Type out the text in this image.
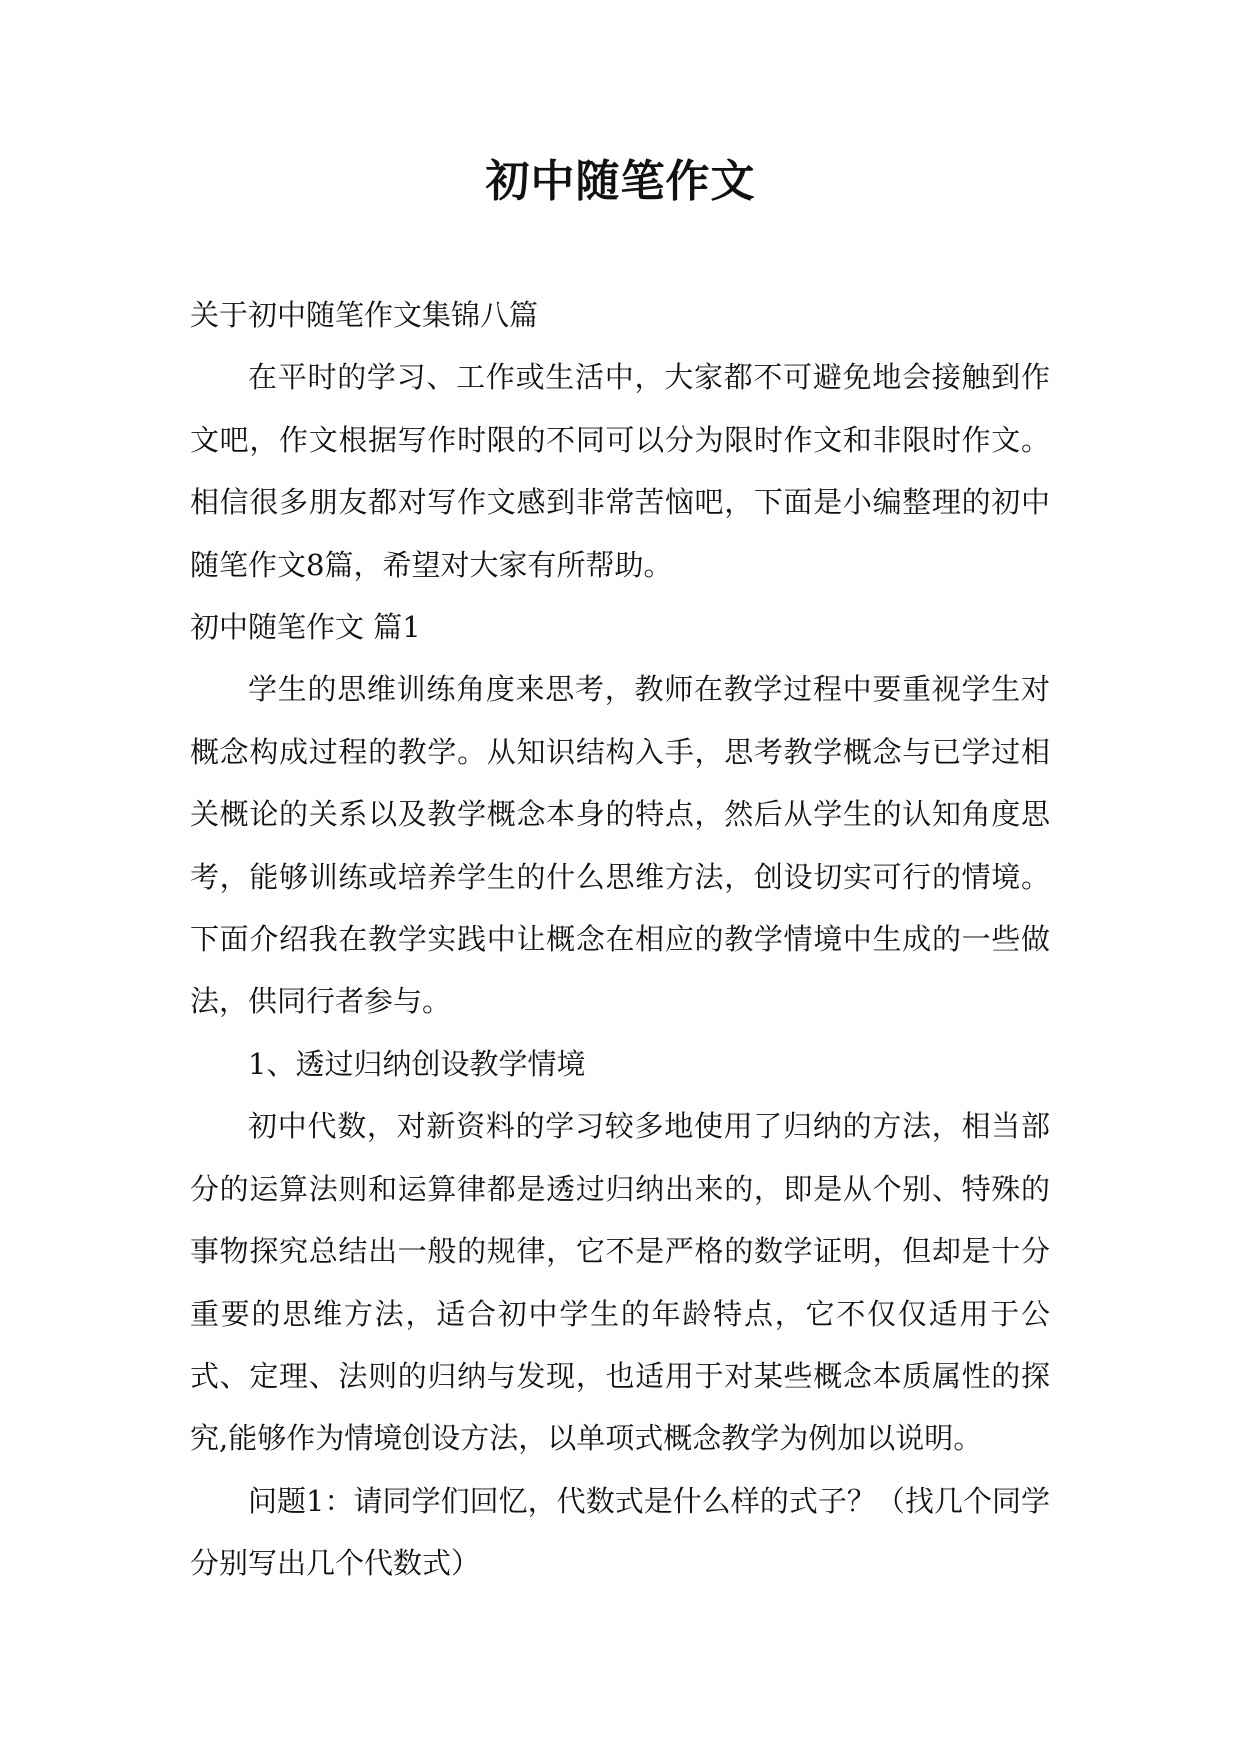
初中随笔作文

关于初中随笔作文集锦八篇

在平时的学习、工作或生活中，大家都不可避免地会接触到作文吧，作文根据写作时限的不同可以分为限时作文和非限时作文。相信很多朋友都对写作文感到非常苦恼吧，下面是小编整理的初中随笔作文8篇，希望对大家有所帮助。

初中随笔作文 篇1

学生的思维训练角度来思考，教师在教学过程中要重视学生对概念构成过程的教学。从知识结构入手，思考教学概念与已学过相关概论的关系以及教学概念本身的特点，然后从学生的认知角度思考，能够训练或培养学生的什么思维方法，创设切实可行的情境。下面介绍我在教学实践中让概念在相应的教学情境中生成的一些做法，供同行者参与。

1、透过归纳创设教学情境

初中代数，对新资料的学习较多地使用了归纳的方法，相当部分的运算法则和运算律都是透过归纳出来的，即是从个别、特殊的事物探究总结出一般的规律，它不是严格的数学证明，但却是十分重要的思维方法，适合初中学生的年龄特点，它不仅仅适用于公式、定理、法则的归纳与发现，也适用于对某些概念本质属性的探究,能够作为情境创设方法，以单项式概念教学为例加以说明。

问题1：请同学们回忆，代数式是什么样的式子？（找几个同学分别写出几个代数式）
